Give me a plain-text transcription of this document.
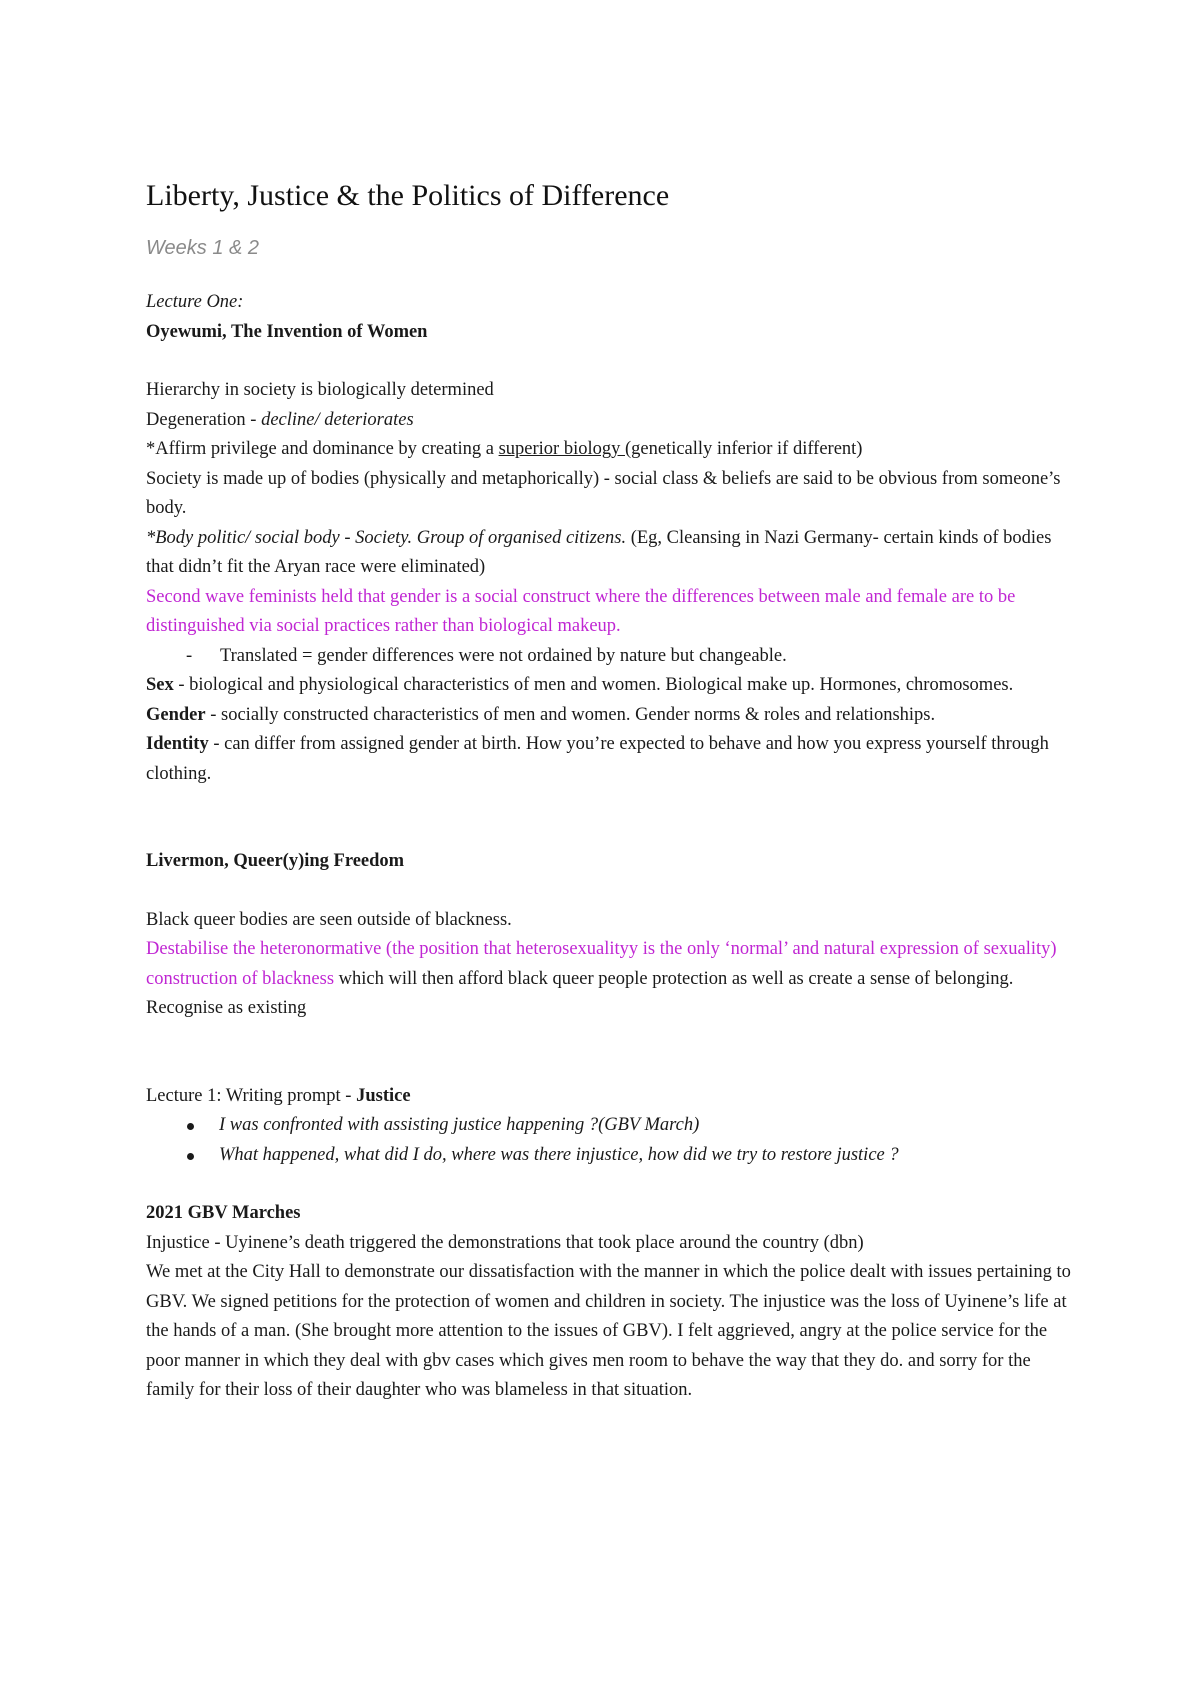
Liberty, Justice & the Politics of Difference

Weeks 1 & 2

Lecture One:

Oyewumi, The Invention of Women

Hierarchy in society is biologically determined

Degeneration - decline/ deteriorates

*Affirm privilege and dominance by creating a superior biology (genetically inferior if different)

Society is made up of bodies (physically and metaphorically) - social class & beliefs are said to be obvious from someone’s body.

*Body politic/ social body - Society. Group of organised citizens. (Eg, Cleansing in Nazi Germany- certain kinds of bodies that didn’t fit the Aryan race were eliminated)

Second wave feminists held that gender is a social construct where the differences between male and female are to be distinguished via social practices rather than biological makeup.

- Translated = gender differences were not ordained by nature but changeable.

Sex - biological and physiological characteristics of men and women. Biological make up. Hormones, chromosomes.

Gender - socially constructed characteristics of men and women. Gender norms & roles and relationships.

Identity - can differ from assigned gender at birth. How you’re expected to behave and how you express yourself through clothing.

Livermon, Queer(y)ing Freedom

Black queer bodies are seen outside of blackness.

Destabilise the heteronormative (the position that heterosexualityy is the only ‘normal’ and natural expression of sexuality) construction of blackness which will then afford black queer people protection as well as create a sense of belonging.

Recognise as existing

Lecture 1: Writing prompt - Justice

I was confronted with assisting justice happening ?(GBV March)
What happened, what did I do, where was there injustice, how did we try to restore justice ?

2021 GBV Marches

Injustice - Uyinene’s death triggered the demonstrations that took place around the country (dbn)

We met at the City Hall to demonstrate our dissatisfaction with the manner in which the police dealt with issues pertaining to GBV. We signed petitions for the protection of women and children in society. The injustice was the loss of Uyinene’s life at the hands of a man. (She brought more attention to the issues of GBV). I felt aggrieved, angry at the police service for the poor manner in which they deal with gbv cases which gives men room to behave the way that they do. and sorry for the family for their loss of their daughter who was blameless in that situation.
